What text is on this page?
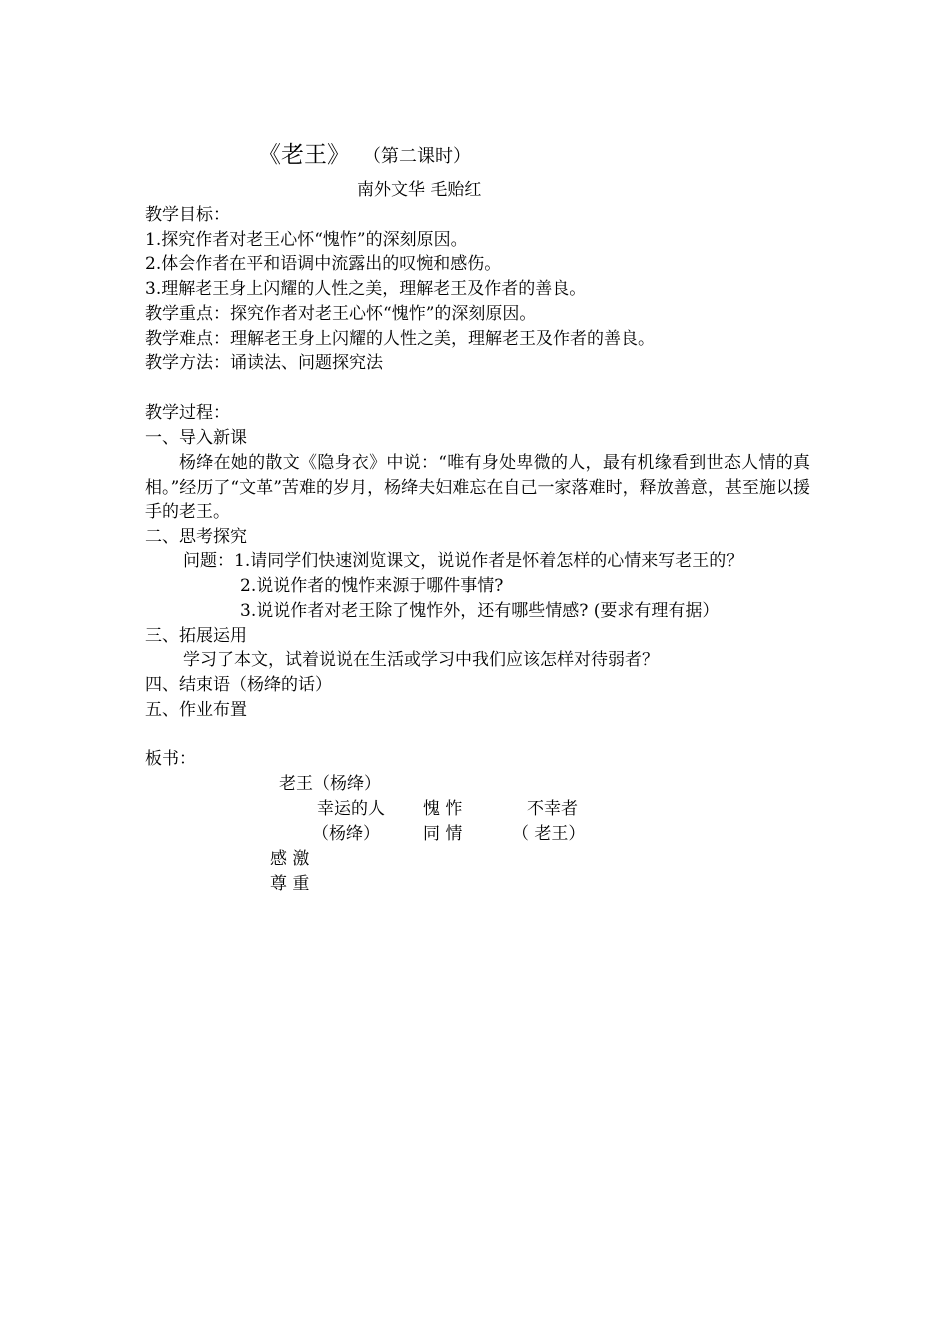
《老王》 （第二课时）
南外文华 毛贻红
教学目标：
1.探究作者对老王心怀“愧怍”的深刻原因。
2.体会作者在平和语调中流露出的叹惋和感伤。
3.理解老王身上闪耀的人性之美，理解老王及作者的善良。
教学重点：探究作者对老王心怀“愧怍”的深刻原因。
教学难点：理解老王身上闪耀的人性之美，理解老王及作者的善良。
教学方法：诵读法、问题探究法
教学过程：
一、导入新课
杨绛在她的散文《隐身衣》中说：“唯有身处卑微的人，最有机缘看到世态人情的真相。”经历了“文革”苦难的岁月，杨绛夫妇难忘在自己一家落难时，释放善意，甚至施以援手的老王。
二、思考探究
问题：1.请同学们快速浏览课文，说说作者是怀着怎样的心情来写老王的？
2.说说作者的愧怍来源于哪件事情?
3.说说作者对老王除了愧怍外，还有哪些情感? (要求有理有据）
三、拓展运用
学习了本文，试着说说在生活或学习中我们应该怎样对待弱者？
四、结束语（杨绛的话）
五、作业布置
板书：
老王（杨绛）
幸运的人 愧 怍	不幸者
（杨绛）	同 情	（ 老王）
感 激
尊 重
